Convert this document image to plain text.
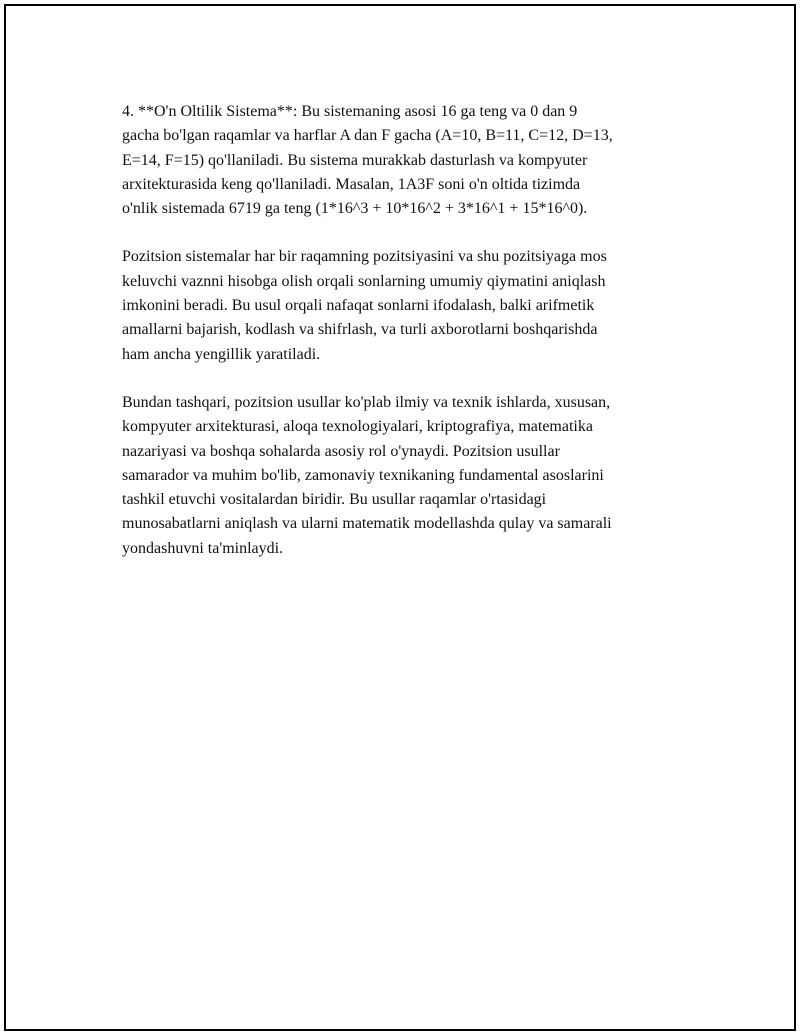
4. **O'n Oltilik Sistema**: Bu sistemaning asosi 16 ga teng va 0 dan 9
gacha bo'lgan raqamlar va harflar A dan F gacha (A=10, B=11, C=12, D=13,
E=14, F=15) qo'llaniladi. Bu sistema murakkab dasturlash va kompyuter
arxitekturasida keng qo'llaniladi. Masalan, 1A3F soni o'n oltida tizimda
o'nlik sistemada 6719 ga teng (1*16^3 + 10*16^2 + 3*16^1 + 15*16^0).

Pozitsion sistemalar har bir raqamning pozitsiyasini va shu pozitsiyaga mos
keluvchi vaznni hisobga olish orqali sonlarning umumiy qiymatini aniqlash
imkonini beradi. Bu usul orqali nafaqat sonlarni ifodalash, balki arifmetik
amallarni bajarish, kodlash va shifrlash, va turli axborotlarni boshqarishda
ham ancha yengillik yaratiladi.

Bundan tashqari, pozitsion usullar ko'plab ilmiy va texnik ishlarda, xususan,
kompyuter arxitekturasi, aloqa texnologiyalari, kriptografiya, matematika
nazariyasi va boshqa sohalarda asosiy rol o'ynaydi. Pozitsion usullar
samarador va muhim bo'lib, zamonaviy texnikaning fundamental asoslarini
tashkil etuvchi vositalardan biridir. Bu usullar raqamlar o'rtasidagi
munosabatlarni aniqlash va ularni matematik modellashda qulay va samarali
yondashuvni ta'minlaydi.
